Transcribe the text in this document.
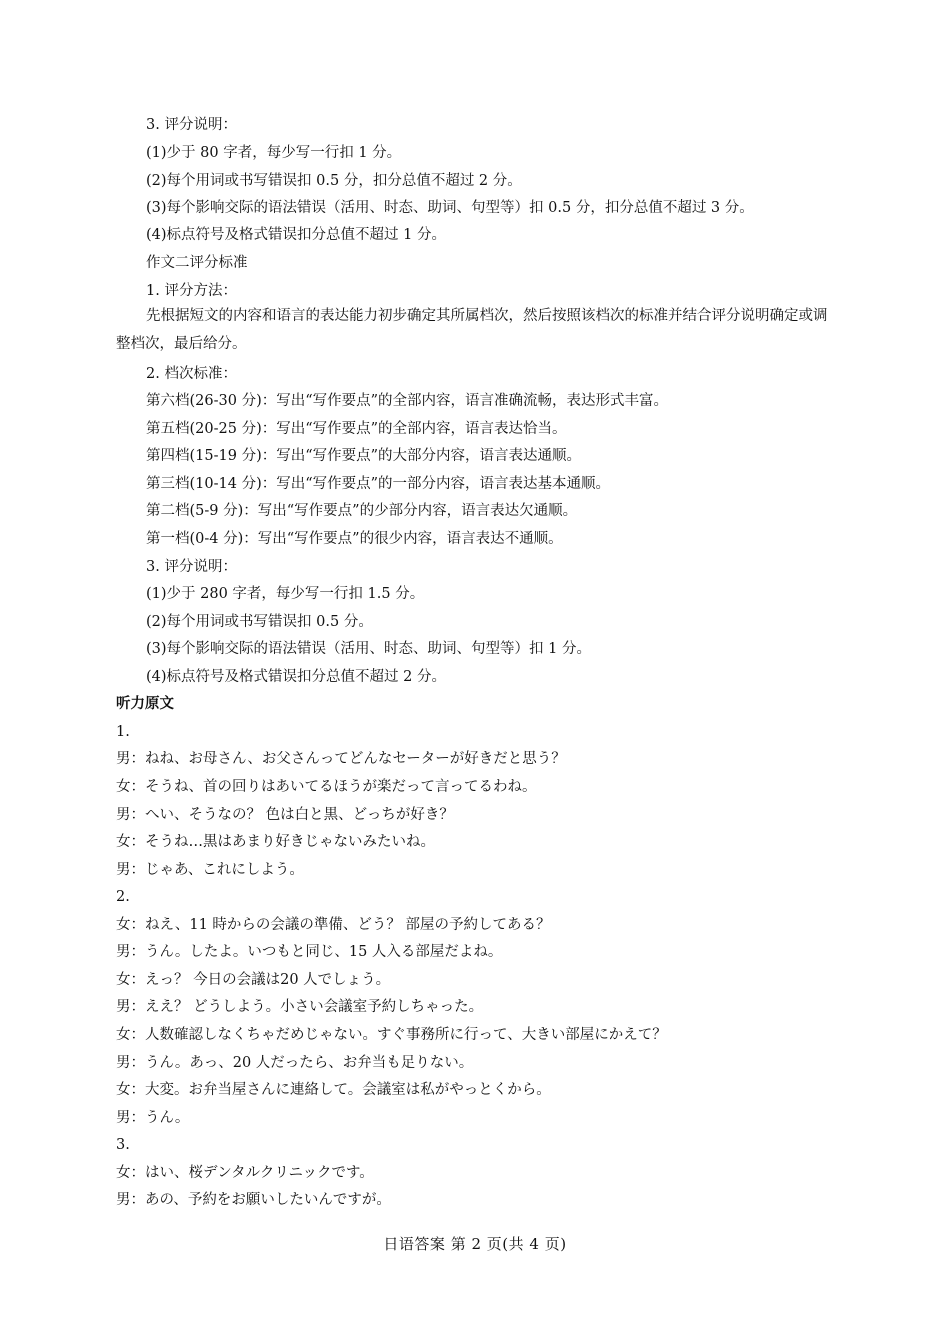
3. 评分说明：
(1)少于 80 字者，每少写一行扣 1 分。
(2)每个用词或书写错误扣 0.5 分，扣分总值不超过 2 分。
(3)每个影响交际的语法错误（活用、时态、助词、句型等）扣 0.5 分，扣分总值不超过 3 分。
(4)标点符号及格式错误扣分总值不超过 1 分。
作文二评分标准
1. 评分方法：
先根据短文的内容和语言的表达能力初步确定其所属档次，然后按照该档次的标准并结合评分说明确定或调整档次，最后给分。
2. 档次标准：
第六档(26-30 分)：写出“写作要点”的全部内容，语言准确流畅，表达形式丰富。
第五档(20-25 分)：写出“写作要点”的全部内容，语言表达恰当。
第四档(15-19 分)：写出“写作要点”的大部分内容，语言表达通顺。
第三档(10-14 分)：写出“写作要点”的一部分内容，语言表达基本通顺。
第二档(5-9 分)：写出“写作要点”的少部分内容，语言表达欠通顺。
第一档(0-4 分)：写出“写作要点”的很少内容，语言表达不通顺。
3. 评分说明：
(1)少于 280 字者，每少写一行扣 1.5 分。
(2)每个用词或书写错误扣 0.5 分。
(3)每个影响交际的语法错误（活用、时态、助词、句型等）扣 1 分。
(4)标点符号及格式错误扣分总值不超过 2 分。
听力原文
1.
男：ねね、お母さん、お父さんってどんなセーターが好きだと思う？
女：そうね、首の回りはあいてるほうが楽だって言ってるわね。
男：へい、そうなの？ 色は白と黒、どっちが好き？
女：そうね…黒はあまり好きじゃないみたいね。
男：じゃあ、これにしよう。
2.
女：ねえ、11 時からの会議の準備、どう？ 部屋の予約してある？
男：うん。したよ。いつもと同じ、15 人入る部屋だよね。
女：えっ？ 今日の会議は20 人でしょう。
男：ええ？ どうしよう。小さい会議室予約しちゃった。
女：人数確認しなくちゃだめじゃない。すぐ事務所に行って、大きい部屋にかえて？
男：うん。あっ、20 人だったら、お弁当も足りない。
女：大変。お弁当屋さんに連絡して。会議室は私がやっとくから。
男：うん。
3.
女：はい、桜デンタルクリニックです。
男：あの、予約をお願いしたいんですが。
日语答案 第 2 页(共 4 页)
